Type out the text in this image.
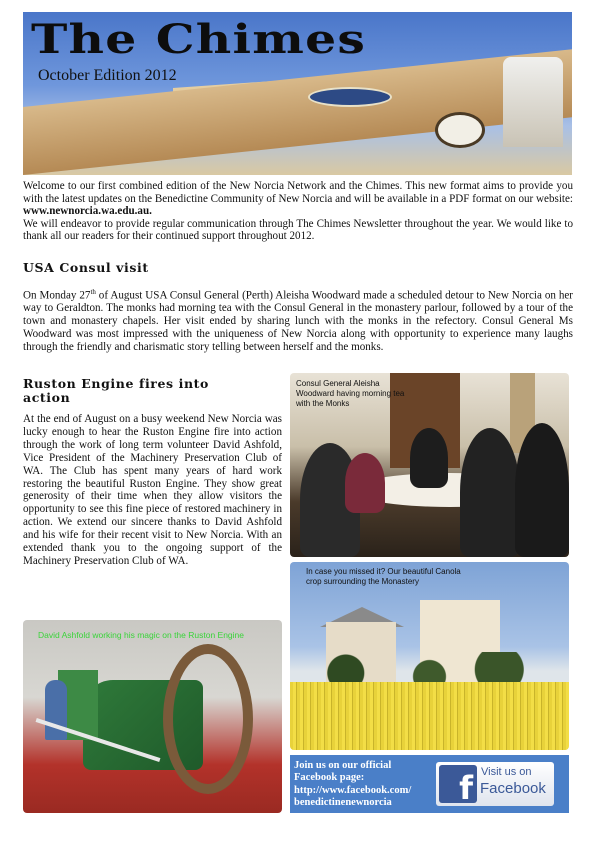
The Chimes
October Edition 2012

Welcome to our first combined edition of the New Norcia Network and the Chimes. This new format aims to provide you with the latest updates on the Benedictine Community of New Norcia and will be available in a PDF format on our website: www.newnorcia.wa.edu.au.

We will endeavor to provide regular communication through The Chimes Newsletter throughout the year. We would like to thank all our readers for their continued support throughout 2012.

USA Consul visit

On Monday 27th of August USA Consul General (Perth) Aleisha Woodward made a scheduled detour to New Norcia on her way to Geraldton. The monks had morning tea with the Consul General in the monastery parlour, followed by a tour of the town and monastery chapels. Her visit ended by sharing lunch with the monks in the refectory. Consul General Ms Woodward was most impressed with the uniqueness of New Norcia along with opportunity to experience many laughs through the friendly and charismatic story telling between herself and the monks.

Ruston Engine fires into action

At the end of August on a busy weekend New Norcia was lucky enough to hear the Ruston Engine fire into action through the work of long term volunteer David Ashfold, Vice President of the Machinery Preservation Club of WA. The Club has spent many years of hard work restoring the beautiful Ruston Engine. They show great generosity of their time when they allow visitors the opportunity to see this fine piece of restored machinery in action. We extend our sincere thanks to David Ashfold and his wife for their recent visit to New Norcia. With an extended thank you to the ongoing support of the Machinery Preservation Club of WA.

Consul General Aleisha Woodward having morning tea with the Monks
In case you missed it? Our beautiful Canola crop surrounding the Monastery
David Ashfold working his magic on the Ruston Engine
Join us on our official Facebook page: http://www.facebook.com/ benedictinenewnorcia	f Visit us on
Facebook
